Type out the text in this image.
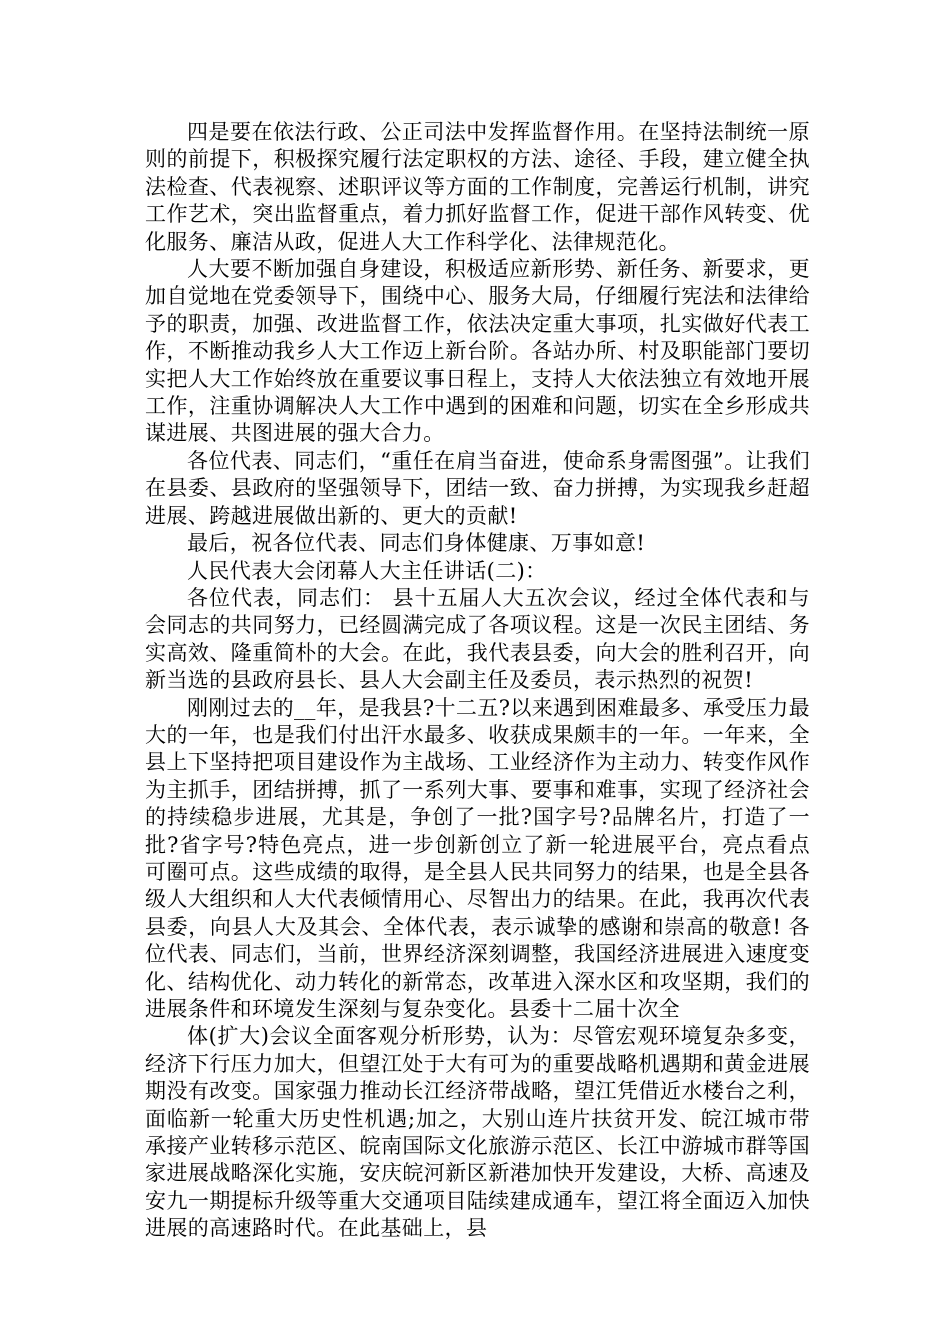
四是要在依法行政、公正司法中发挥监督作用。在坚持法制统一原则的前提下，积极探究履行法定职权的方法、途径、手段，建立健全执法检查、代表视察、述职评议等方面的工作制度，完善运行机制，讲究工作艺术，突出监督重点，着力抓好监督工作，促进干部作风转变、优化服务、廉洁从政，促进人大工作科学化、法律规范化。

人大要不断加强自身建设，积极适应新形势、新任务、新要求，更加自觉地在党委领导下，围绕中心、服务大局，仔细履行宪法和法律给予的职责，加强、改进监督工作，依法决定重大事项，扎实做好代表工作，不断推动我乡人大工作迈上新台阶。各站办所、村及职能部门要切实把人大工作始终放在重要议事日程上，支持人大依法独立有效地开展工作，注重协调解决人大工作中遇到的困难和问题，切实在全乡形成共谋进展、共图进展的强大合力。

各位代表、同志们，“重任在肩当奋进，使命系身需图强”。让我们在县委、县政府的坚强领导下，团结一致、奋力拼搏，为实现我乡赶超进展、跨越进展做出新的、更大的贡献!

最后，祝各位代表、同志们身体健康、万事如意!

人民代表大会闭幕人大主任讲话(二)：

各位代表，同志们： 县十五届人大五次会议，经过全体代表和与会同志的共同努力，已经圆满完成了各项议程。这是一次民主团结、务实高效、隆重简朴的大会。在此，我代表县委，向大会的胜利召开，向新当选的县政府县长、县人大会副主任及委员，表示热烈的祝贺!

刚刚过去的__年，是我县?十二五?以来遇到困难最多、承受压力最大的一年，也是我们付出汗水最多、收获成果颇丰的一年。一年来，全县上下坚持把项目建设作为主战场、工业经济作为主动力、转变作风作为主抓手，团结拼搏，抓了一系列大事、要事和难事，实现了经济社会的持续稳步进展，尤其是，争创了一批?国字号?品牌名片，打造了一批?省字号?特色亮点，进一步创新创立了新一轮进展平台，亮点看点可圈可点。这些成绩的取得，是全县人民共同努力的结果，也是全县各级人大组织和人大代表倾情用心、尽智出力的结果。在此，我再次代表县委，向县人大及其会、全体代表，表示诚挚的感谢和崇高的敬意! 各位代表、同志们，当前，世界经济深刻调整，我国经济进展进入速度变化、结构优化、动力转化的新常态，改革进入深水区和攻坚期，我们的进展条件和环境发生深刻与复杂变化。县委十二届十次全

体(扩大)会议全面客观分析形势，认为：尽管宏观环境复杂多变，经济下行压力加大，但望江处于大有可为的重要战略机遇期和黄金进展期没有改变。国家强力推动长江经济带战略，望江凭借近水楼台之利，面临新一轮重大历史性机遇;加之，大别山连片扶贫开发、皖江城市带承接产业转移示范区、皖南国际文化旅游示范区、长江中游城市群等国家进展战略深化实施，安庆皖河新区新港加快开发建设，大桥、高速及安九一期提标升级等重大交通项目陆续建成通车，望江将全面迈入加快进展的高速路时代。在此基础上，县
